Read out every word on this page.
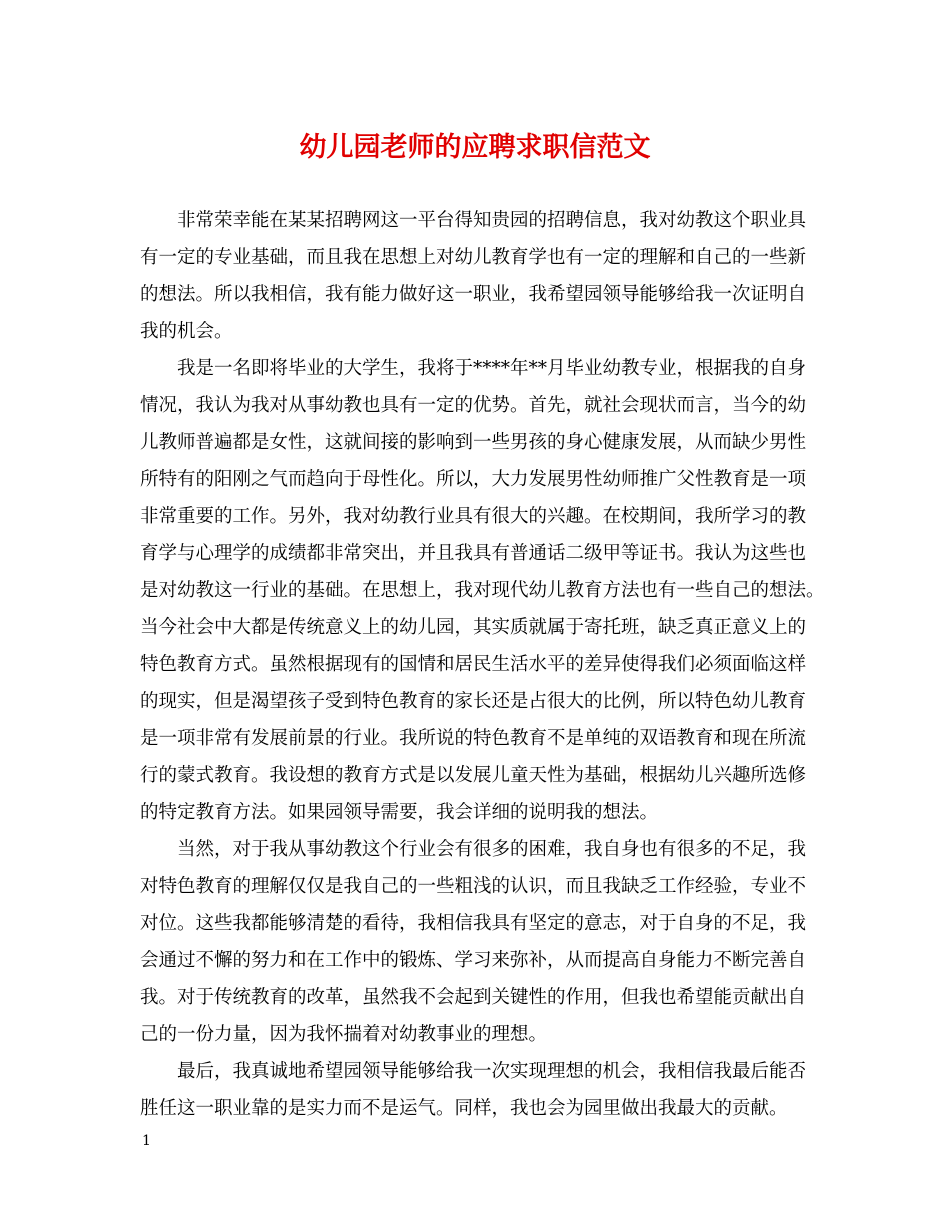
幼儿园老师的应聘求职信范文
非常荣幸能在某某招聘网这一平台得知贵园的招聘信息，我对幼教这个职业具
有一定的专业基础，而且我在思想上对幼儿教育学也有一定的理解和自己的一些新
的想法。所以我相信，我有能力做好这一职业，我希望园领导能够给我一次证明自
我的机会。
我是一名即将毕业的大学生，我将于****年**月毕业幼教专业，根据我的自身
情况，我认为我对从事幼教也具有一定的优势。首先，就社会现状而言，当今的幼
儿教师普遍都是女性，这就间接的影响到一些男孩的身心健康发展，从而缺少男性
所特有的阳刚之气而趋向于母性化。所以，大力发展男性幼师推广父性教育是一项
非常重要的工作。另外，我对幼教行业具有很大的兴趣。在校期间，我所学习的教
育学与心理学的成绩都非常突出，并且我具有普通话二级甲等证书。我认为这些也
是对幼教这一行业的基础。在思想上，我对现代幼儿教育方法也有一些自己的想法。
当今社会中大都是传统意义上的幼儿园，其实质就属于寄托班，缺乏真正意义上的
特色教育方式。虽然根据现有的国情和居民生活水平的差异使得我们必须面临这样
的现实，但是渴望孩子受到特色教育的家长还是占很大的比例，所以特色幼儿教育
是一项非常有发展前景的行业。我所说的特色教育不是单纯的双语教育和现在所流
行的蒙式教育。我设想的教育方式是以发展儿童天性为基础，根据幼儿兴趣所选修
的特定教育方法。如果园领导需要，我会详细的说明我的想法。
当然，对于我从事幼教这个行业会有很多的困难，我自身也有很多的不足，我
对特色教育的理解仅仅是我自己的一些粗浅的认识，而且我缺乏工作经验，专业不
对位。这些我都能够清楚的看待，我相信我具有坚定的意志，对于自身的不足，我
会通过不懈的努力和在工作中的锻炼、学习来弥补，从而提高自身能力不断完善自
我。对于传统教育的改革，虽然我不会起到关键性的作用，但我也希望能贡献出自
己的一份力量，因为我怀揣着对幼教事业的理想。
最后，我真诚地希望园领导能够给我一次实现理想的机会，我相信我最后能否
胜任这一职业靠的是实力而不是运气。同样，我也会为园里做出我最大的贡献。
1
